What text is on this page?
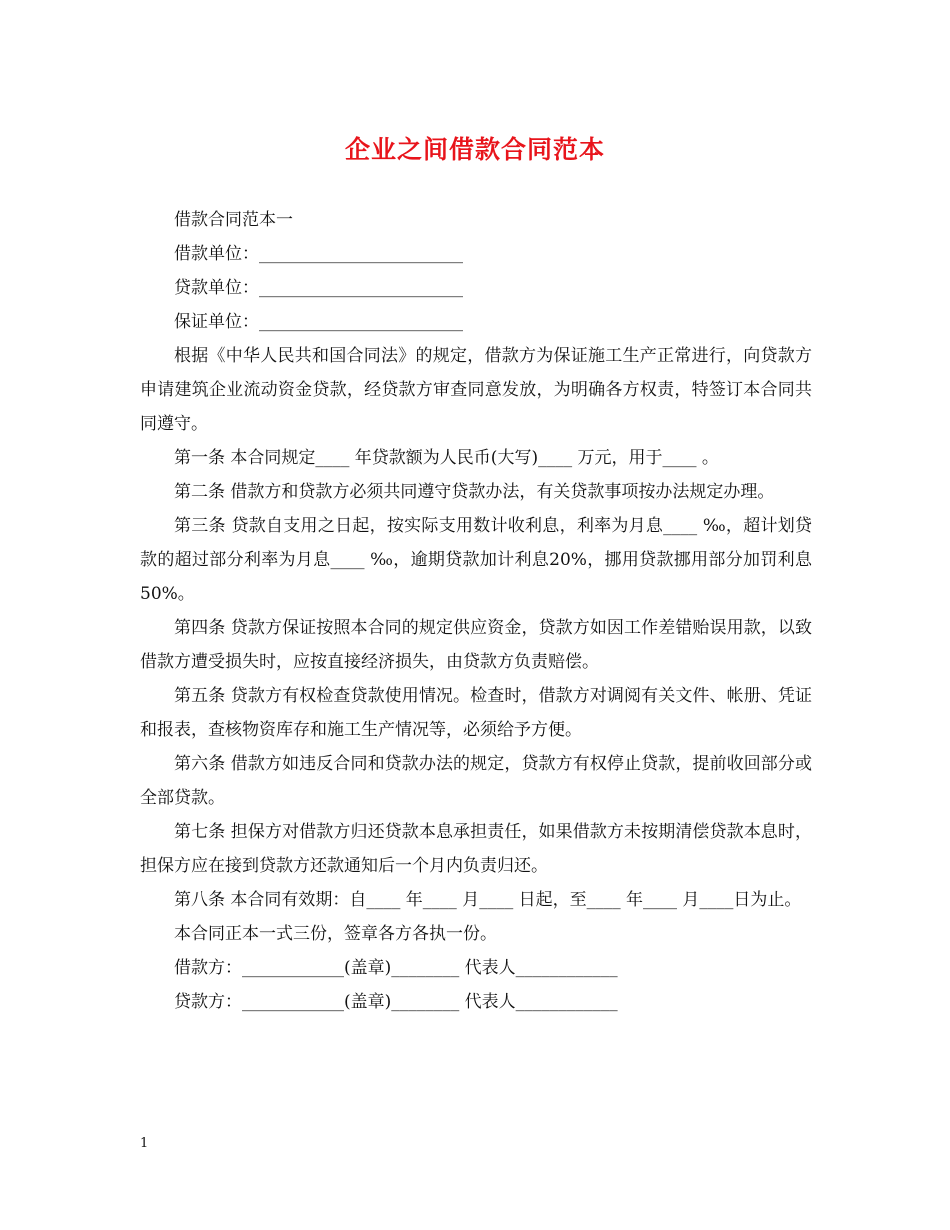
企业之间借款合同范本

借款合同范本一

借款单位：________________________

贷款单位：________________________

保证单位：________________________

根据《中华人民共和国合同法》的规定，借款方为保证施工生产正常进行，向贷款方申请建筑企业流动资金贷款，经贷款方审查同意发放，为明确各方权责，特签订本合同共同遵守。

第一条 本合同规定____ 年贷款额为人民币(大写)____ 万元，用于____ 。

第二条 借款方和贷款方必须共同遵守贷款办法，有关贷款事项按办法规定办理。

第三条 贷款自支用之日起，按实际支用数计收利息，利率为月息____ ‰，超计划贷款的超过部分利率为月息____ ‰，逾期贷款加计利息20%，挪用贷款挪用部分加罚利息50%。

第四条 贷款方保证按照本合同的规定供应资金，贷款方如因工作差错贻误用款，以致借款方遭受损失时，应按直接经济损失，由贷款方负责赔偿。

第五条 贷款方有权检查贷款使用情况。检查时，借款方对调阅有关文件、帐册、凭证和报表，查核物资库存和施工生产情况等，必须给予方便。

第六条 借款方如违反合同和贷款办法的规定，贷款方有权停止贷款，提前收回部分或全部贷款。

第七条 担保方对借款方归还贷款本息承担责任，如果借款方未按期清偿贷款本息时，担保方应在接到贷款方还款通知后一个月内负责归还。

第八条 本合同有效期：自____ 年____ 月____ 日起，至____ 年____ 月____日为止。

本合同正本一式三份，签章各方各执一份。

借款方：____________(盖章)________ 代表人____________

贷款方：____________(盖章)________ 代表人____________

1
